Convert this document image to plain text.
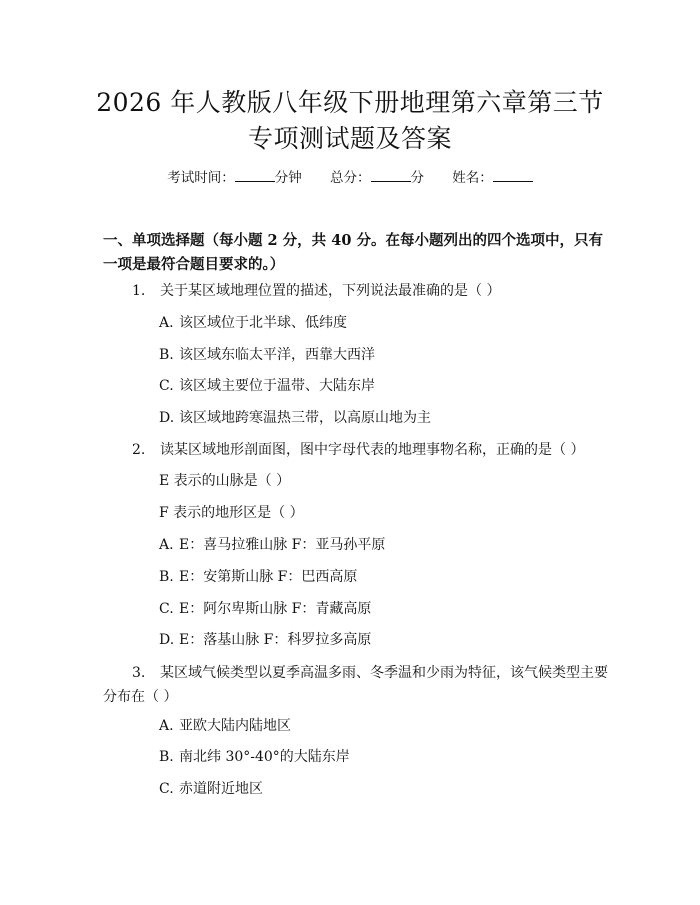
2026 年人教版八年级下册地理第六章第三节
专项测试题及答案
考试时间：	分钟 总分：	分 姓名：
一、单项选择题（每小题 2 分，共 40 分。在每小题列出的四个选项中，只有一项是最符合题目要求的。）
1. 关于某区域地理位置的描述，下列说法最准确的是（ ）
A. 该区域位于北半球、低纬度
B. 该区域东临太平洋，西靠大西洋
C. 该区域主要位于温带、大陆东岸
D. 该区域地跨寒温热三带，以高原山地为主
2. 读某区域地形剖面图，图中字母代表的地理事物名称，正确的是（ ）
E 表示的山脉是（ ）
F 表示的地形区是（ ）
A. E：喜马拉雅山脉 F：亚马孙平原
B. E：安第斯山脉 F：巴西高原
C. E：阿尔卑斯山脉 F：青藏高原
D. E：落基山脉 F：科罗拉多高原
3. 某区域气候类型以夏季高温多雨、冬季温和少雨为特征，该气候类型主要分布在（ ）
A. 亚欧大陆内陆地区
B. 南北纬 30°-40°的大陆东岸
C. 赤道附近地区
